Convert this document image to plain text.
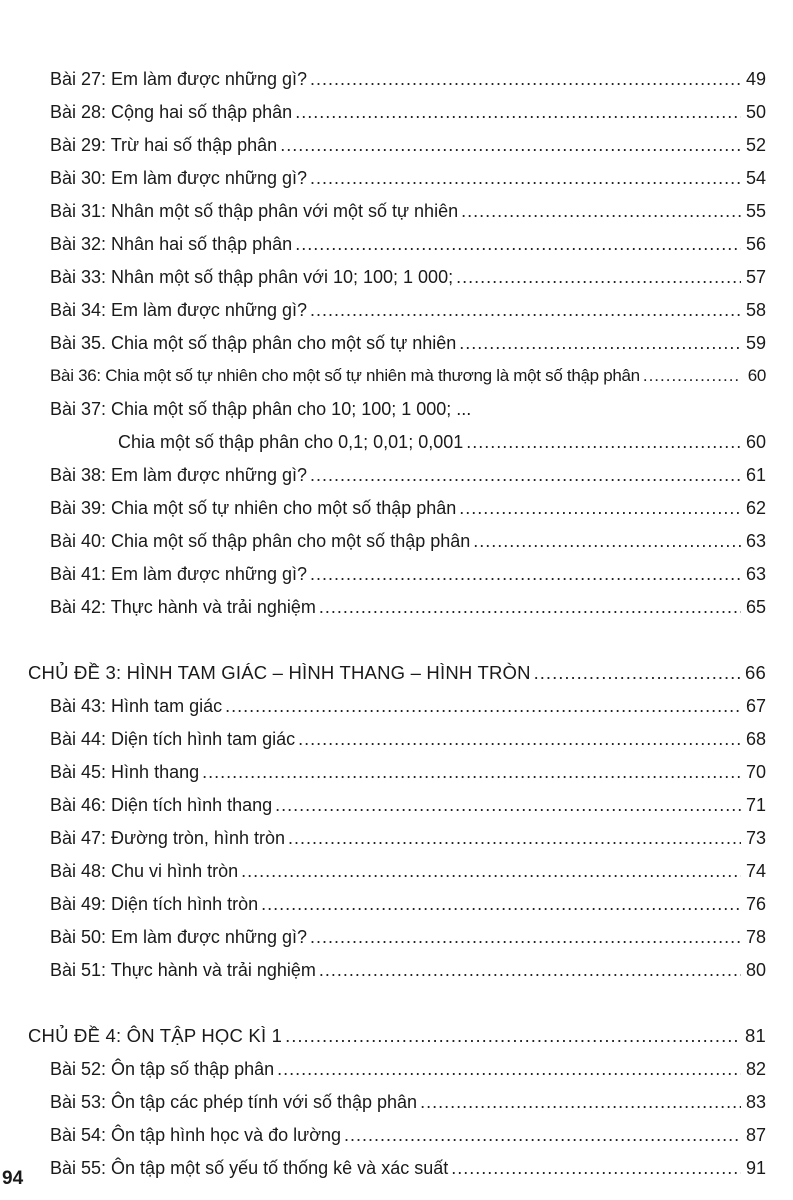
Bài 27: Em làm được những gì? .....	49
Bài 28: Cộng hai số thập phân .....	50
Bài 29: Trừ hai số thập phân .....	52
Bài 30: Em làm được những gì? .....	54
Bài 31: Nhân một số thập phân với một số tự nhiên .....	55
Bài 32: Nhân hai số thập phân .....	56
Bài 33: Nhân một số thập phân với 10; 100; 1 000; .....	57
Bài 34: Em làm được những gì? .....	58
Bài 35. Chia một số thập phân cho một số tự nhiên .....	59
Bài 36: Chia một số tự nhiên cho một số tự nhiên mà thương là một số thập phân .....	60
Bài 37: Chia một số thập phân cho 10; 100; 1 000; ...
Chia một số thập phân cho 0,1; 0,01; 0,001 .....	60
Bài 38: Em làm được những gì? .....	61
Bài 39: Chia một số tự nhiên cho một số thập phân .....	62
Bài 40: Chia một số thập phân cho một số thập phân .....	63
Bài 41: Em làm được những gì? .....	63
Bài 42: Thực hành và trải nghiệm .....	65
CHỦ ĐỀ 3: HÌNH TAM GIÁC – HÌNH THANG – HÌNH TRÒN .....	66
Bài 43: Hình tam giác .....	67
Bài 44: Diện tích hình tam giác .....	68
Bài 45: Hình thang .....	70
Bài 46: Diện tích hình thang .....	71
Bài 47: Đường tròn, hình tròn .....	73
Bài 48: Chu vi hình tròn .....	74
Bài 49: Diện tích hình tròn .....	76
Bài 50: Em làm được những gì? .....	78
Bài 51: Thực hành và trải nghiệm .....	80
CHỦ ĐỀ 4: ÔN TẬP HỌC KÌ 1 .....	81
Bài 52: Ôn tập số thập phân .....	82
Bài 53: Ôn tập các phép tính với số thập phân .....	83
Bài 54: Ôn tập hình học và đo lường .....	87
Bài 55: Ôn tập một số yếu tố thống kê và xác suất .....	91
94
